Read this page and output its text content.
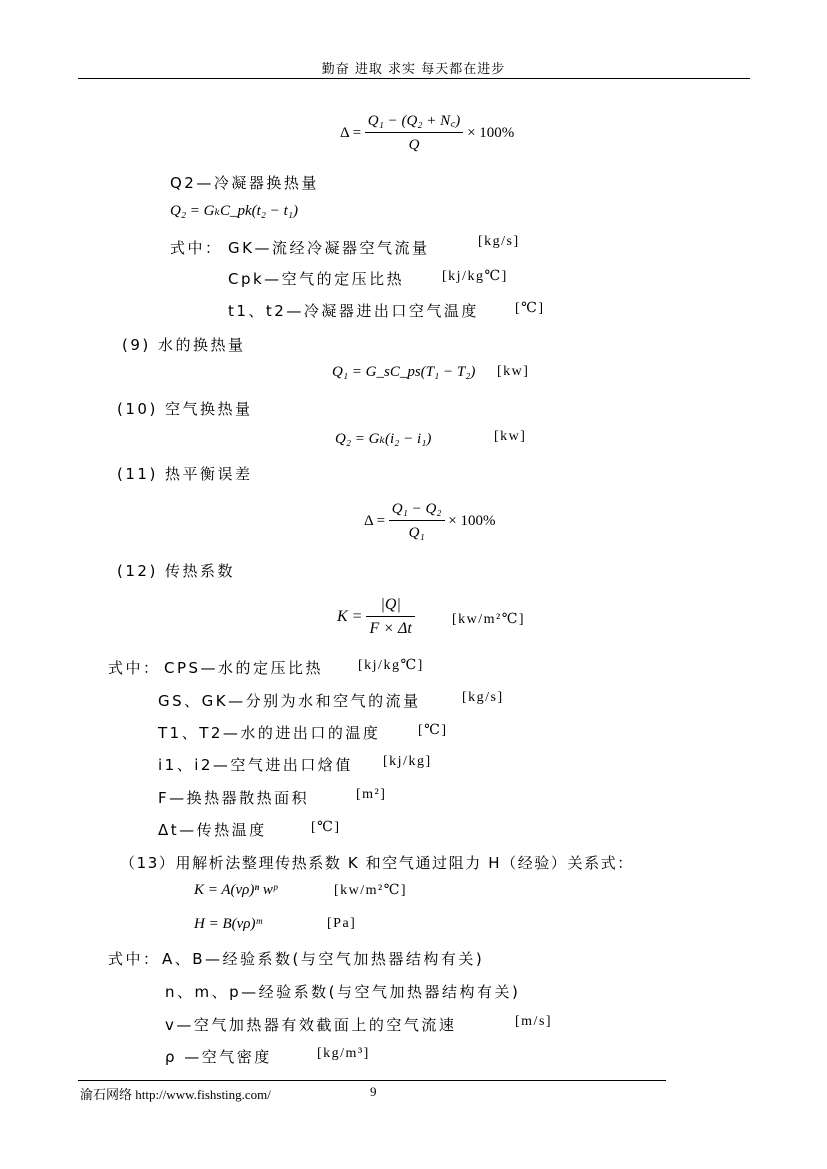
勤奋 进取 求实 每天都在进步
$\Delta = \frac{\text{Q₁ − (Q₂ + N꜀)}}{Q} \times 100\%$
Q2—冷凝器换热量
Q₂ = GₖC_pk(t₂ − t₁)
式中： GK—流经冷凝器空气流量	[kg/s]
Cpk—空气的定压比热	[kj/kg℃]
t1、t2—冷凝器进出口空气温度	[℃]
(9) 水的换热量
Q₁ = G_sC_ps(T₁ − T₂) [kw]
(10) 空气换热量
Q₂ = Gₖ(i₂ − i₁)	[kw]
(11) 热平衡误差
$\Delta = \frac{\text{Q₁ − Q₂}}{\text{Q₁}} \times 100\%$
(12) 传热系数
$K = \frac{|Q|}{F \times \Delta t}$	[kw/m²℃]
式中： CPS—水的定压比热 [kj/kg℃]
GS、GK—分别为水和空气的流量	[kg/s]
T1、T2—水的进出口的温度	[℃]
i1、i2—空气进出口焓值 [kj/kg]
F—换热器散热面积	[m²]
Δt—传热温度	[℃]
（13）用解析法整理传热系数 K 和空气通过阻力 H（经验）关系式：
K = A(vρ)ⁿ wᵖ	[kw/m²℃]
H = B(vρ)ᵐ	[Pa]
式中： A、B—经验系数(与空气加热器结构有关)
n、m、p—经验系数(与空气加热器结构有关)
v—空气加热器有效截面上的空气流速	[m/s]
ρ —空气密度	[kg/m³]
渝石网络 http://www.fishsting.com/	9
